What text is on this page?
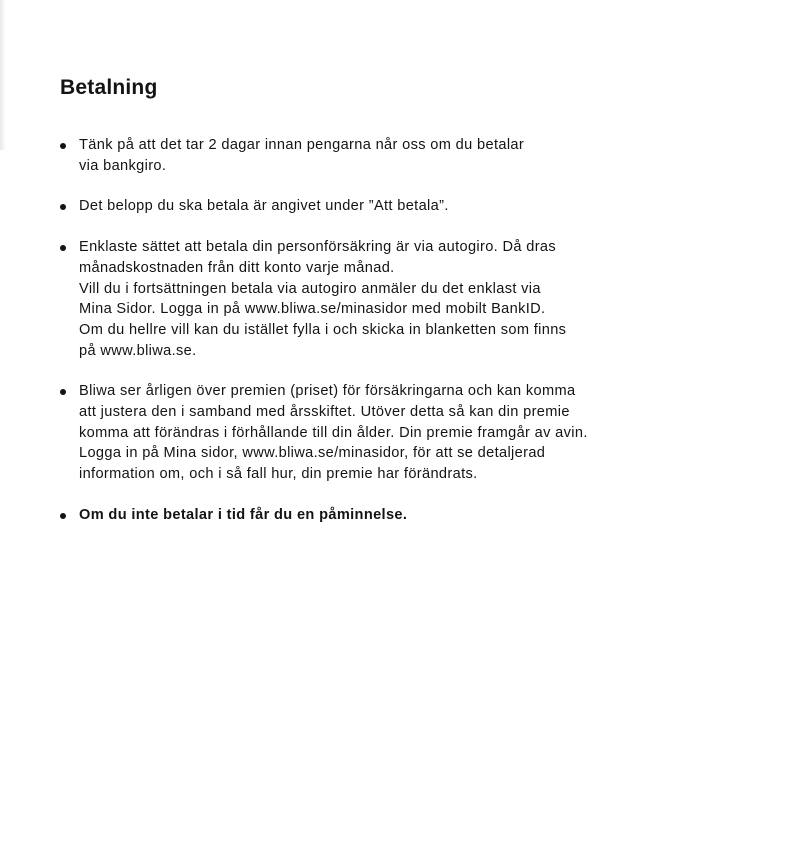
Betalning
Tänk på att det tar 2 dagar innan pengarna når oss om du betalar
via bankgiro.
Det belopp du ska betala är angivet under ”Att betala”.
Enklaste sättet att betala din personförsäkring är via autogiro. Då dras
månadskostnaden från ditt konto varje månad.
Vill du i fortsättningen betala via autogiro anmäler du det enklast via
Mina Sidor. Logga in på www.bliwa.se/minasidor med mobilt BankID.
Om du hellre vill kan du istället fylla i och skicka in blanketten som finns
på www.bliwa.se.
Bliwa ser årligen över premien (priset) för försäkringarna och kan komma
att justera den i samband med årsskiftet. Utöver detta så kan din premie
komma att förändras i förhållande till din ålder. Din premie framgår av avin.
Logga in på Mina sidor, www.bliwa.se/minasidor, för att se detaljerad
information om, och i så fall hur, din premie har förändrats.
Om du inte betalar i tid får du en påminnelse.
